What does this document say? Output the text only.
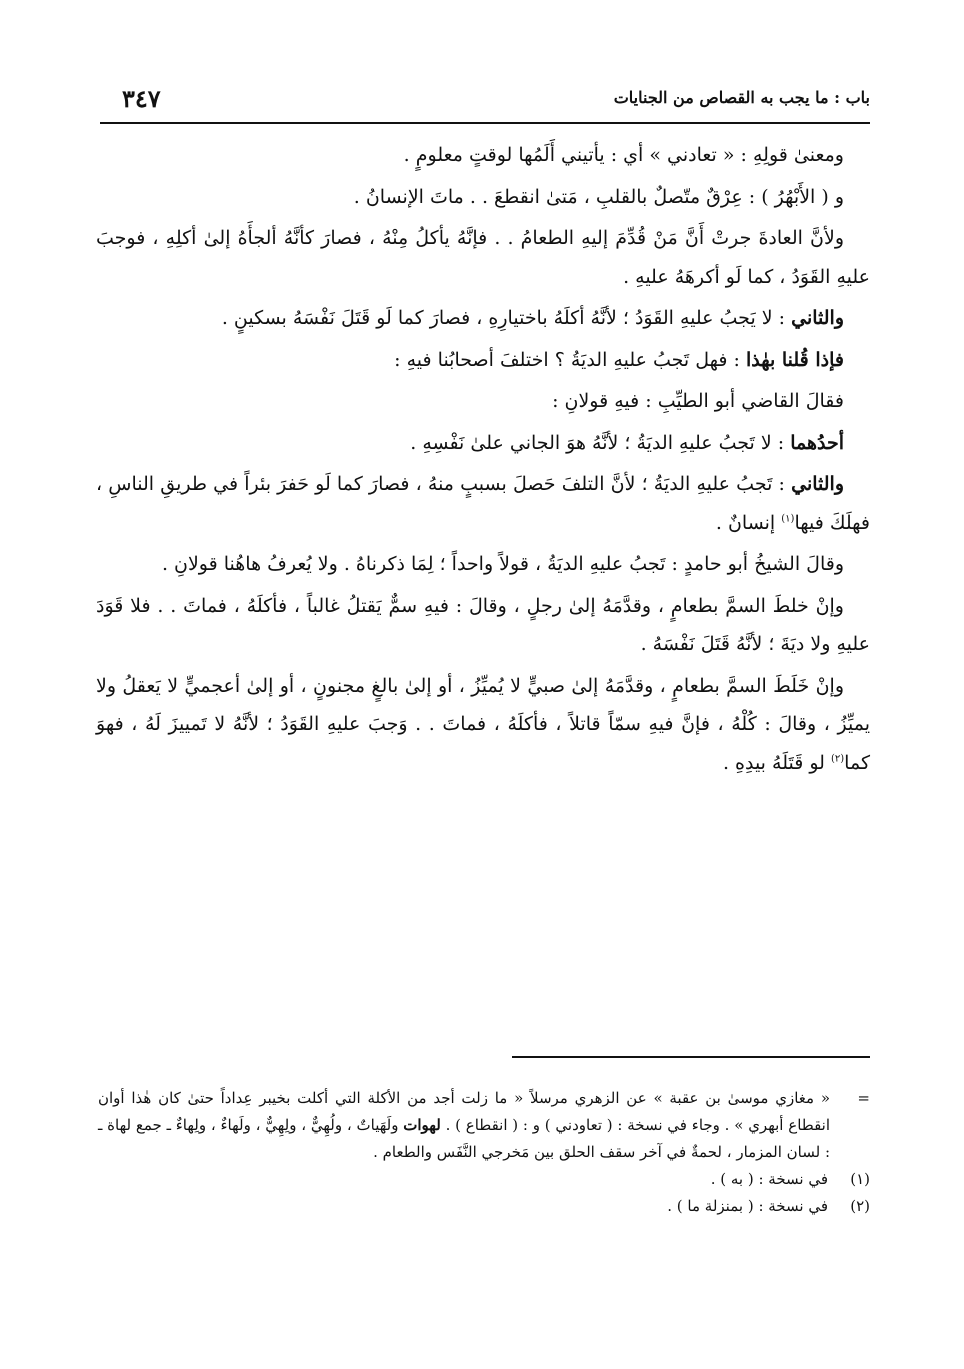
باب : ما يجب به القصاص من الجنايات
٣٤٧

ومعنىٰ قولِهِ : « تعادني » أي : يأتيني أَلَمُها لوقتٍ معلومٍ .

و ( الأَبْهُرُ ) : عِرْقٌ متّصلٌ بالقلبِ ، مَتىٰ انقطعَ . . ماتَ الإنسانُ .

ولأنَّ العادةَ جرتْ أَنَّ مَنْ قُدِّمَ إليهِ الطعامُ . . فإنَّهُ يأكلُ مِنْهُ ، فصارَ كأنَّهُ ألجأَهُ إلىٰ أكلِهِ ، فوجبَ عليهِ القَوَدُ ، كما لَو أكرهَهُ عليهِ .

والثاني : لا يَجبُ عليهِ القَوَدُ ؛ لأنَّهُ أكلَهُ باختيارِهِ ، فصارَ كما لَو قَتَلَ نَفْسَهُ بسكينٍ .

فإذا قُلنا بهٰذا : فهل تَجبُ عليهِ الديَةُ ؟ اختلفَ أصحابُنا فيهِ :

فقالَ القاضي أبو الطيِّبِ : فيهِ قولانِ :

أحدُهما : لا تَجبُ عليهِ الديَةُ ؛ لأنَّهُ هوَ الجاني علىٰ نَفْسِهِ .

والثاني : تَجبُ عليهِ الديَةُ ؛ لأنَّ التلفَ حَصلَ بسببٍ منهُ ، فصارَ كما لَو حَفرَ بئراً في طريقِ الناسِ ، فهلَكَ فيها$^{(١)}$ إنسانٌ .

وقالَ الشيخُ أبو حامدٍ : تَجبُ عليهِ الديَةُ ، قولاً واحداً ؛ لِمَا ذكرناهُ . ولا يُعرفُ هاهُنا قولانِ .

وإنْ خلطَ السمَّ بطعامٍ ، وقدَّمَهُ إلىٰ رجلٍ ، وقالَ : فيهِ سمٌّ يَقتلُ غالباً ، فأكلَهُ ، فماتَ . . فلا قَوَدَ عليهِ ولا ديَةَ ؛ لأنَّهُ قَتَلَ نَفْسَهُ .

وإنْ خَلَطَ السمَّ بطعامٍ ، وقدَّمَهُ إلىٰ صبيٍّ لا يُميِّزُ ، أو إلىٰ بالغٍ مجنونٍ ، أو إلىٰ أعجميٍّ لا يَعقلُ ولا يميِّزُ ، وقالَ : كُلْهُ ، فإنَّ فيهِ سمّاً قاتلاً ، فأكلَهُ ، فماتَ . . وَجبَ عليهِ القَوَدُ ؛ لأنَّهُ لا تَمييزَ لَهُ ، فهوَ كما$^{(٢)}$ لو قَتَلَهُ بيدِهِ .

=
« مغازي موسىٰ بن عقبة » عن الزهري مرسلاً « ما زلت أجد من الأكلة التي أكلت بخيبر عِداداً حتىٰ كان هٰذا أوان انقطاع أبهري » . وجاء في نسخة : ( تعاودني ) و : ( انقطاع ) . لهوات ولَهَياتٌ ، ولُهِيٌّ ، ولِهِيٌّ ، ولَهاءٌ ، ولِهاءٌ ـ جمع لهاة ـ : لسان المزمار ، لحمةٌ في آخر سقف الحلق بين مَخرجي النَّفَس والطعام .

(١)
في نسخة : ( به ) .

(٢)
في نسخة : ( بمنزلة ما ) .
